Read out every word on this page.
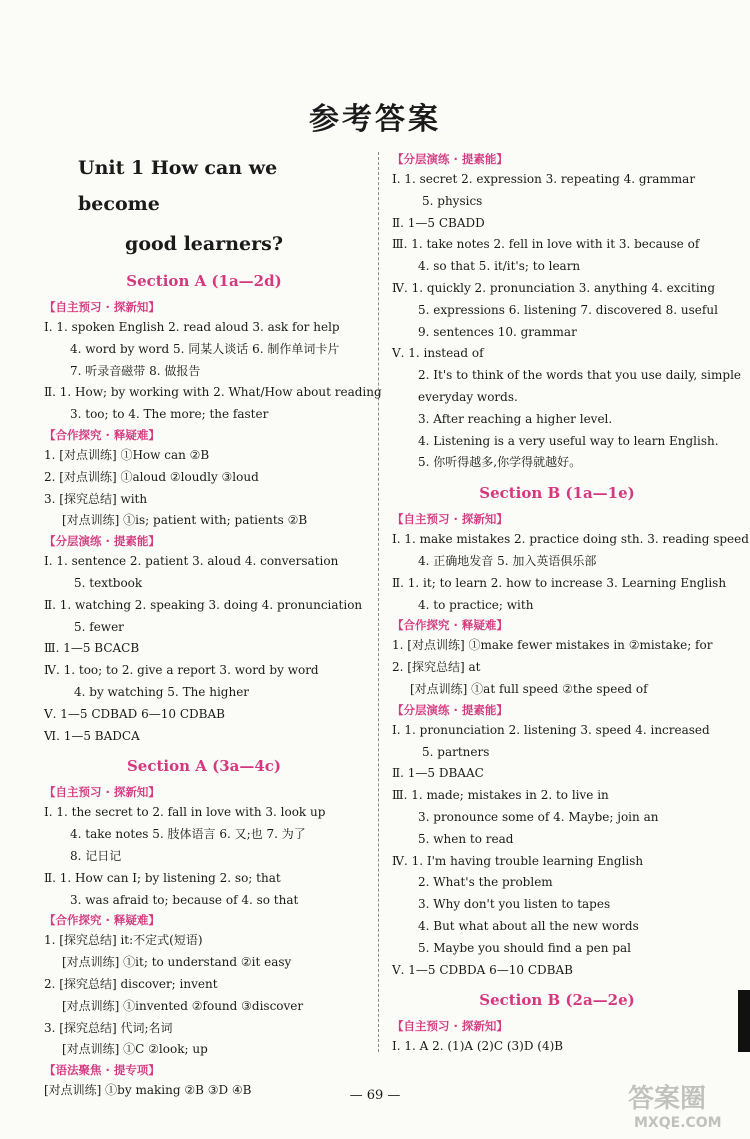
参考答案
Unit 1 How can we become
good learners?
Section A (1a—2d)
【自主预习 · 探新知】
Ⅰ. 1. spoken English 2. read aloud 3. ask for help
4. word by word 5. 同某人谈话 6. 制作单词卡片
7. 听录音磁带 8. 做报告
Ⅱ. 1. How; by working with 2. What/How about reading
3. too; to 4. The more; the faster
【合作探究 · 释疑难】
1. [对点训练] ①How can ②B
2. [对点训练] ①aloud ②loudly ③loud
3. [探究总结] with
[对点训练] ①is; patient with; patients ②B
【分层演练 · 提素能】
Ⅰ. 1. sentence 2. patient 3. aloud 4. conversation
5. textbook
Ⅱ. 1. watching 2. speaking 3. doing 4. pronunciation
5. fewer
Ⅲ. 1—5 BCACB
Ⅳ. 1. too; to 2. give a report 3. word by word
4. by watching 5. The higher
Ⅴ. 1—5 CDBAD 6—10 CDBAB
Ⅵ. 1—5 BADCA
Section A (3a—4c)
【自主预习 · 探新知】
Ⅰ. 1. the secret to 2. fall in love with 3. look up
4. take notes 5. 肢体语言 6. 又;也 7. 为了
8. 记日记
Ⅱ. 1. How can I; by listening 2. so; that
3. was afraid to; because of 4. so that
【合作探究 · 释疑难】
1. [探究总结] it:不定式(短语)
[对点训练] ①it; to understand ②it easy
2. [探究总结] discover; invent
[对点训练] ①invented ②found ③discover
3. [探究总结] 代词;名词
[对点训练] ①C ②look; up
【语法聚焦 · 提专项】
[对点训练] ①by making ②B ③D ④B
【分层演练 · 提素能】
Ⅰ. 1. secret 2. expression 3. repeating 4. grammar
5. physics
Ⅱ. 1—5 CBADD
Ⅲ. 1. take notes 2. fell in love with it 3. because of
4. so that 5. it/it's; to learn
Ⅳ. 1. quickly 2. pronunciation 3. anything 4. exciting
5. expressions 6. listening 7. discovered 8. useful
9. sentences 10. grammar
Ⅴ. 1. instead of
2. It's to think of the words that you use daily, simple
everyday words.
3. After reaching a higher level.
4. Listening is a very useful way to learn English.
5. 你听得越多,你学得就越好。
Section B (1a—1e)
【自主预习 · 探新知】
Ⅰ. 1. make mistakes 2. practice doing sth. 3. reading speed
4. 正确地发音 5. 加入英语俱乐部
Ⅱ. 1. it; to learn 2. how to increase 3. Learning English
4. to practice; with
【合作探究 · 释疑难】
1. [对点训练] ①make fewer mistakes in ②mistake; for
2. [探究总结] at
[对点训练] ①at full speed ②the speed of
【分层演练 · 提素能】
Ⅰ. 1. pronunciation 2. listening 3. speed 4. increased
5. partners
Ⅱ. 1—5 DBAAC
Ⅲ. 1. made; mistakes in 2. to live in
3. pronounce some of 4. Maybe; join an
5. when to read
Ⅳ. 1. I'm having trouble learning English
2. What's the problem
3. Why don't you listen to tapes
4. But what about all the new words
5. Maybe you should find a pen pal
Ⅴ. 1—5 CDBDA 6—10 CDBAB
Section B (2a—2e)
【自主预习 · 探新知】
Ⅰ. 1. A 2. (1)A (2)C (3)D (4)B
— 69 —	答案圈
MXQE.COM
